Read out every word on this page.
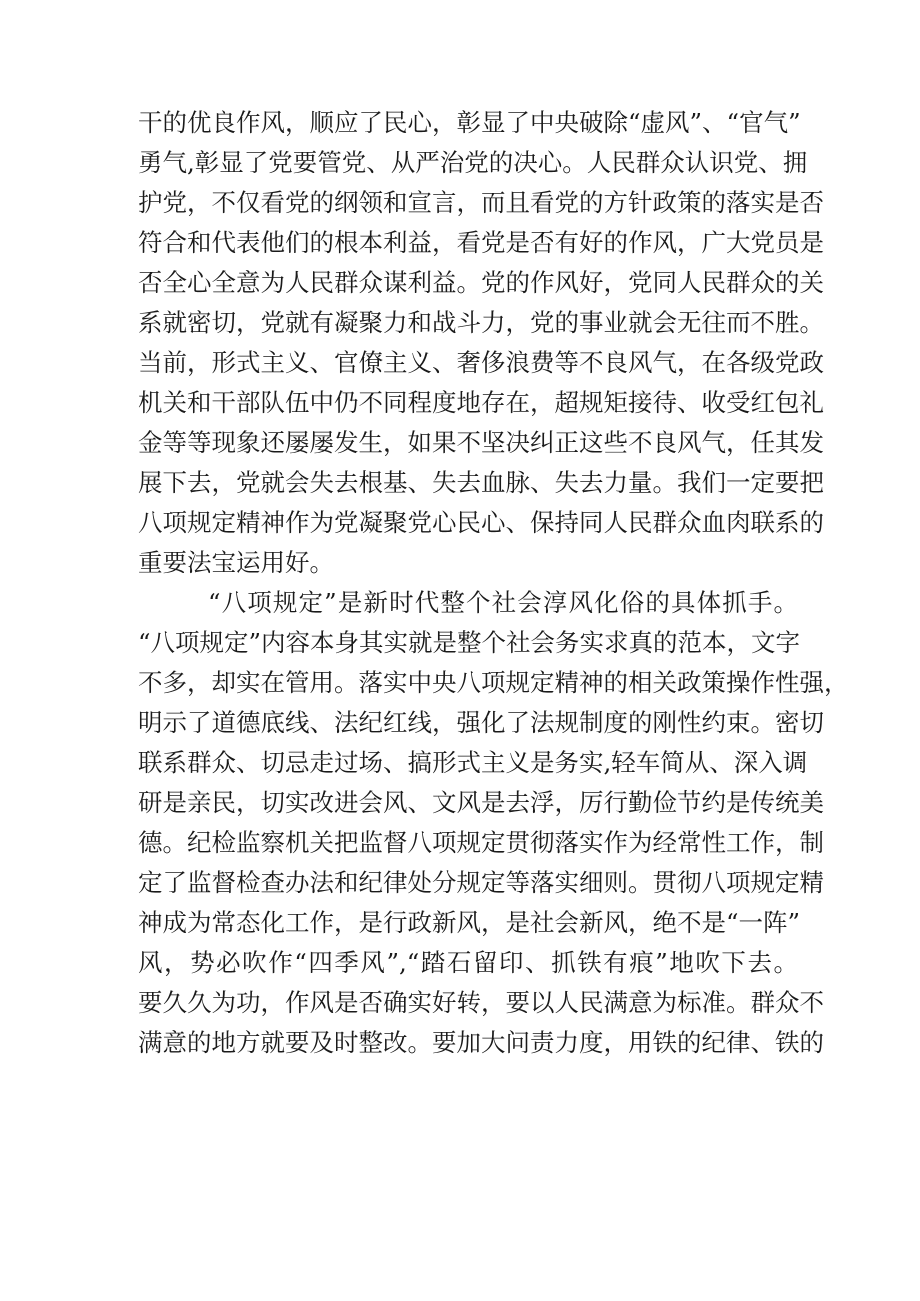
干的优良作风，顺应了民心，彰显了中央破除“虚风”、“官气”
勇气,彰显了党要管党、从严治党的决心。人民群众认识党、拥
护党，不仅看党的纲领和宣言，而且看党的方针政策的落实是否
符合和代表他们的根本利益，看党是否有好的作风，广大党员是
否全心全意为人民群众谋利益。党的作风好，党同人民群众的关
系就密切，党就有凝聚力和战斗力，党的事业就会无往而不胜。
当前，形式主义、官僚主义、奢侈浪费等不良风气，在各级党政
机关和干部队伍中仍不同程度地存在，超规矩接待、收受红包礼
金等等现象还屡屡发生，如果不坚决纠正这些不良风气，任其发
展下去，党就会失去根基、失去血脉、失去力量。我们一定要把
八项规定精神作为党凝聚党心民心、保持同人民群众血肉联系的
重要法宝运用好。
“八项规定”是新时代整个社会淳风化俗的具体抓手。
“八项规定”内容本身其实就是整个社会务实求真的范本，文字
不多，却实在管用。落实中央八项规定精神的相关政策操作性强，
明示了道德底线、法纪红线，强化了法规制度的刚性约束。密切
联系群众、切忌走过场、搞形式主义是务实,轻车简从、深入调
研是亲民，切实改进会风、文风是去浮，厉行勤俭节约是传统美
德。纪检监察机关把监督八项规定贯彻落实作为经常性工作，制
定了监督检查办法和纪律处分规定等落实细则。贯彻八项规定精
神成为常态化工作，是行政新风，是社会新风，绝不是“一阵”
风，势必吹作“四季风”,“踏石留印、抓铁有痕”地吹下去。
要久久为功，作风是否确实好转，要以人民满意为标准。群众不
满意的地方就要及时整改。要加大问责力度，用铁的纪律、铁的
